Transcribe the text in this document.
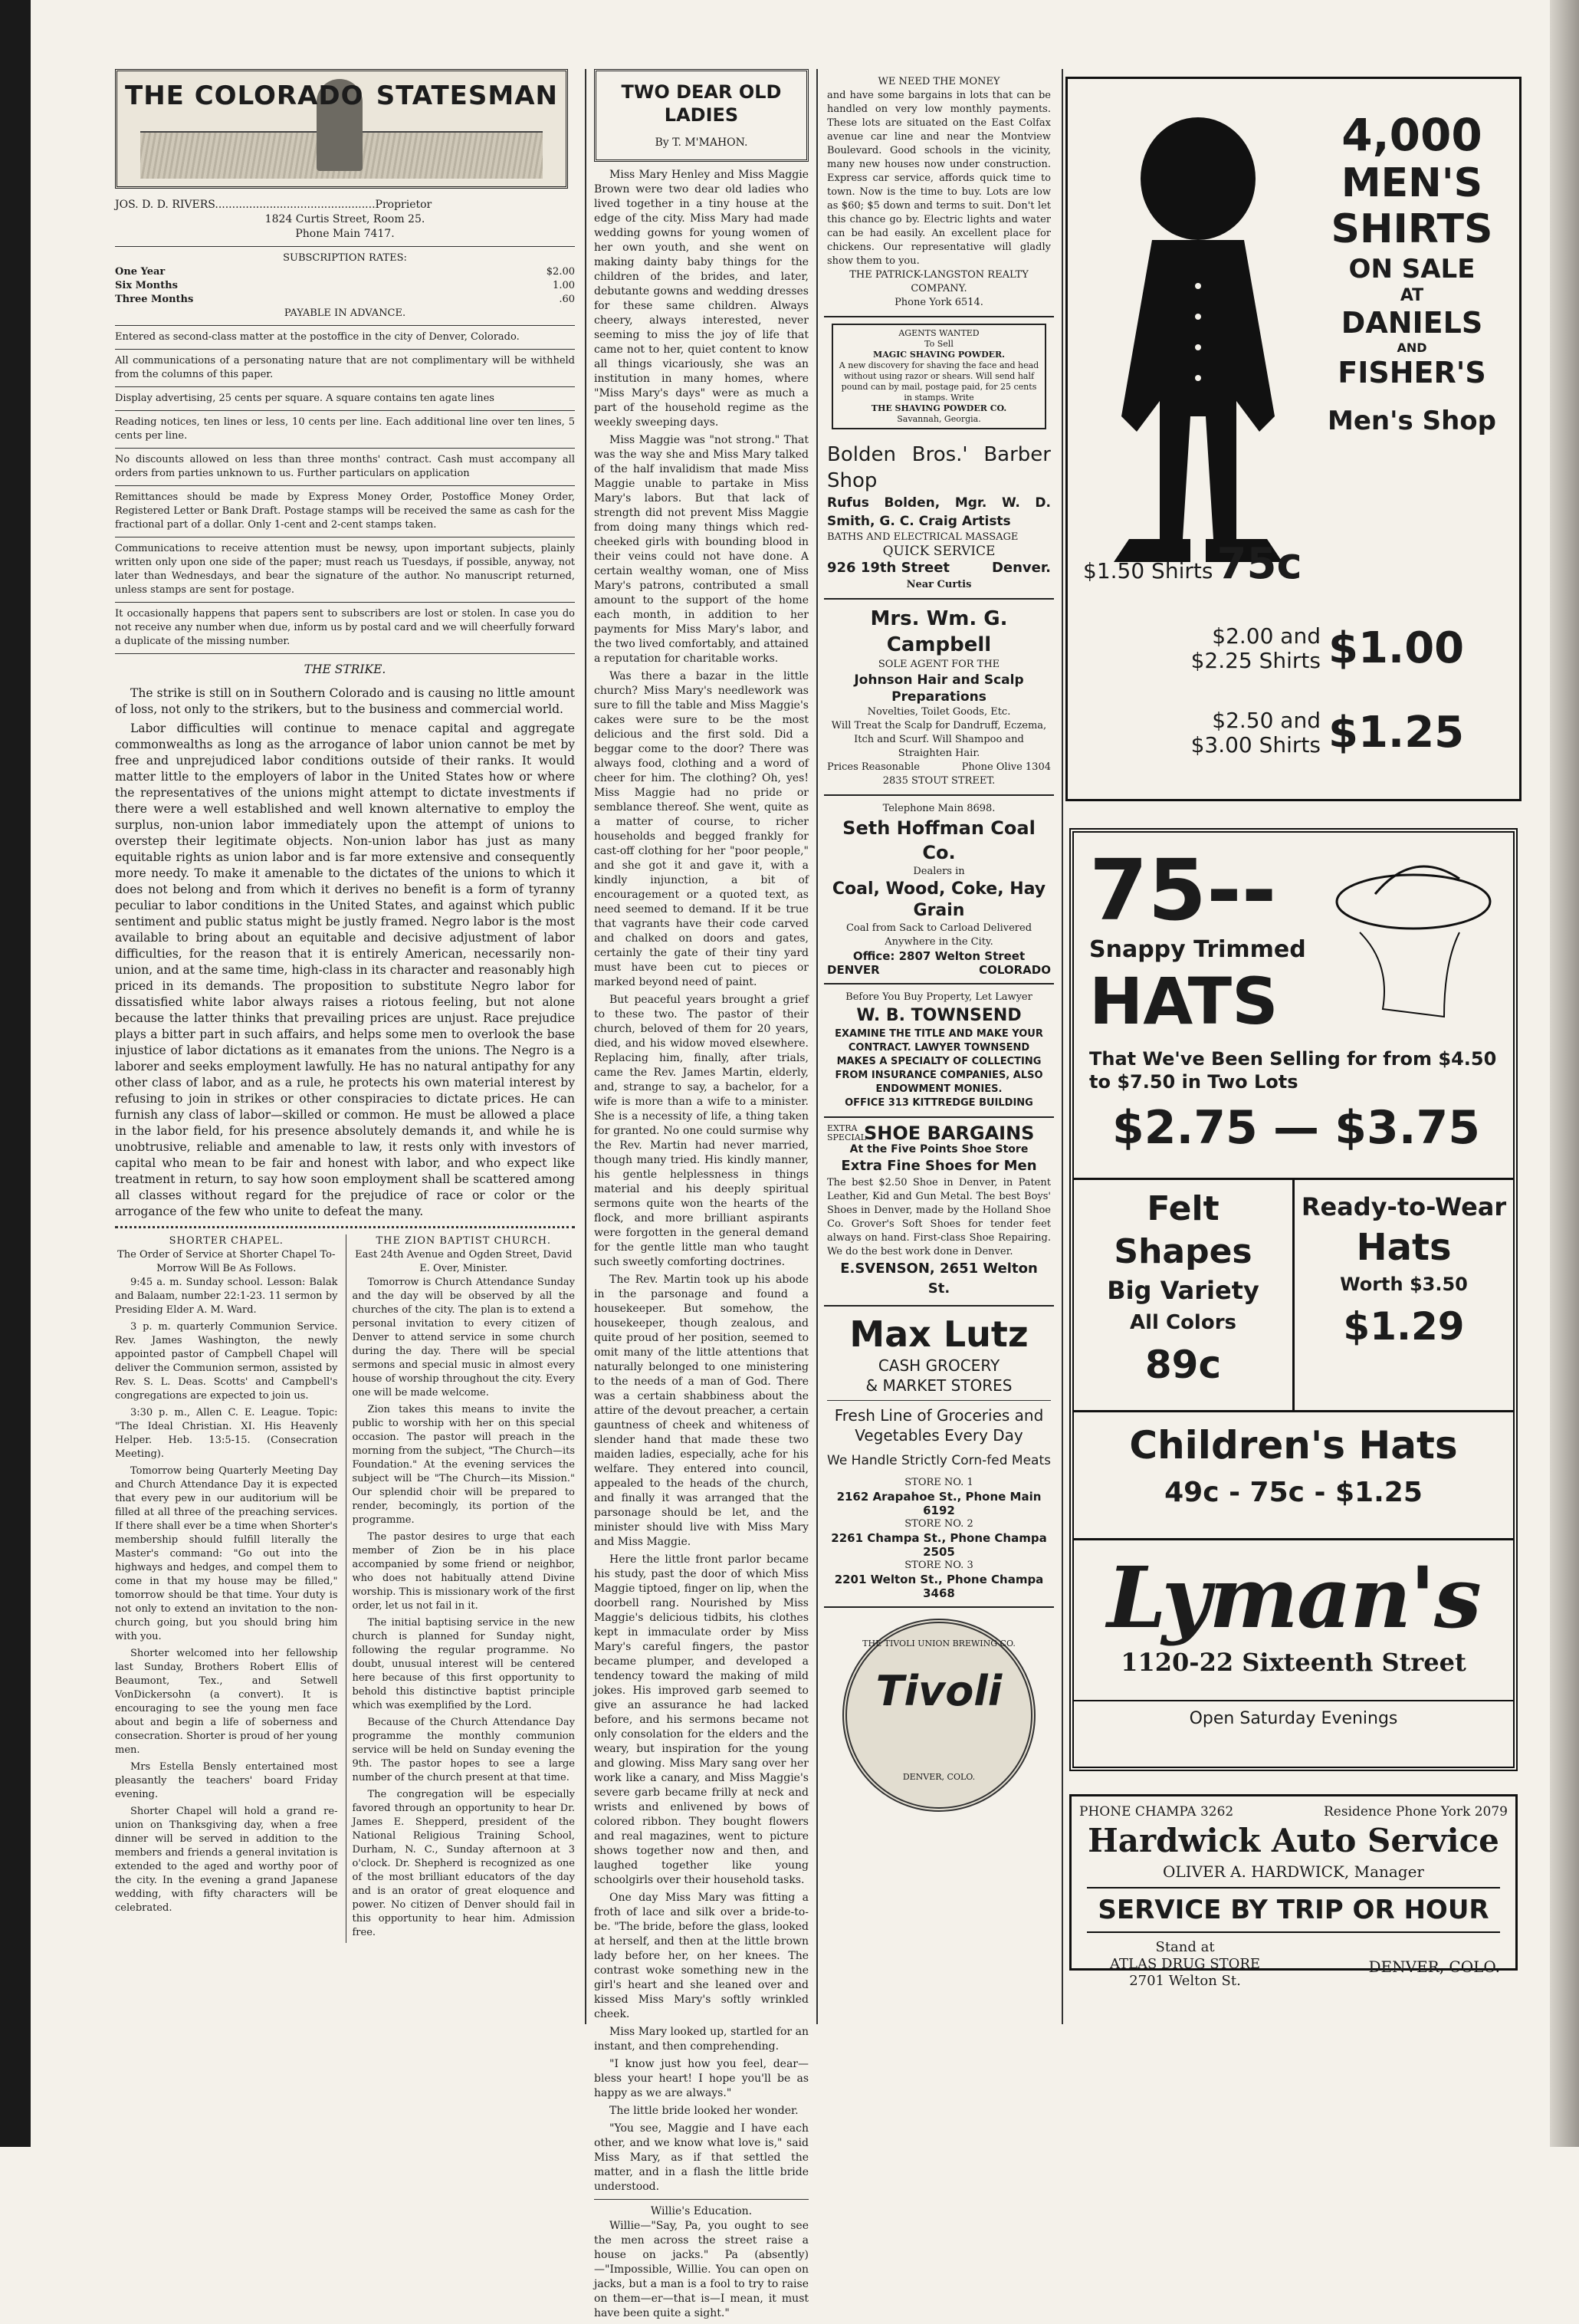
THE COLORADO STATESMAN
JOS. D. D. RIVERS...............................................Proprietor
1824 Curtis Street, Room 25.
Phone Main 7417.
SUBSCRIPTION RATES:
One Year	$2.00
Six Months	1.00
Three Months	.60
PAYABLE IN ADVANCE.
Entered as second-class matter at the postoffice in the city of Denver, Colorado.
All communications of a personating nature that are not complimentary will be withheld from the columns of this paper.
Display advertising, 25 cents per square. A square contains ten agate lines
Reading notices, ten lines or less, 10 cents per line. Each additional line over ten lines, 5 cents per line.
No discounts allowed on less than three months' contract. Cash must accompany all orders from parties unknown to us. Further particulars on application
Remittances should be made by Express Money Order, Postoffice Money Order, Registered Letter or Bank Draft. Postage stamps will be received the same as cash for the fractional part of a dollar. Only 1-cent and 2-cent stamps taken.
Communications to receive attention must be newsy, upon important subjects, plainly written only upon one side of the paper; must reach us Tuesdays, if possible, anyway, not later than Wednesdays, and bear the signature of the author. No manuscript returned, unless stamps are sent for postage.
It occasionally happens that papers sent to subscribers are lost or stolen. In case you do not receive any number when due, inform us by postal card and we will cheerfully forward a duplicate of the missing number.
THE STRIKE.

The strike is still on in Southern Colorado and is causing no little amount of loss, not only to the strikers, but to the business and commercial world.

Labor difficulties will continue to menace capital and aggregate commonwealths as long as the arrogance of labor union cannot be met by free and unprejudiced labor conditions outside of their ranks. It would matter little to the employers of labor in the United States how or where the representatives of the unions might attempt to dictate investments if there were a well established and well known alternative to employ the surplus, non-union labor immediately upon the attempt of unions to overstep their legitimate objects. Non-union labor has just as many equitable rights as union labor and is far more extensive and consequently more needy. To make it amenable to the dictates of the unions to which it does not belong and from which it derives no benefit is a form of tyranny peculiar to labor conditions in the United States, and against which public sentiment and public status might be justly framed. Negro labor is the most available to bring about an equitable and decisive adjustment of labor difficulties, for the reason that it is entirely American, necessarily non-union, and at the same time, high-class in its character and reasonably high priced in its demands. The proposition to substitute Negro labor for dissatisfied white labor always raises a riotous feeling, but not alone because the latter thinks that prevailing prices are unjust. Race prejudice plays a bitter part in such affairs, and helps some men to overlook the base injustice of labor dictations as it emanates from the unions. The Negro is a laborer and seeks employment lawfully. He has no natural antipathy for any other class of labor, and as a rule, he protects his own material interest by refusing to join in strikes or other conspiracies to dictate prices. He can furnish any class of labor—skilled or common. He must be allowed a place in the labor field, for his presence absolutely demands it, and while he is unobtrusive, reliable and amenable to law, it rests only with investors of capital who mean to be fair and honest with labor, and who expect like treatment in return, to say how soon employment shall be scattered among all classes without regard for the prejudice of race or color or the arrogance of the few who unite to defeat the many.

SHORTER CHAPEL.
The Order of Service at Shorter Chapel To-Morrow Will Be As Follows.

9:45 a. m. Sunday school. Lesson: Balak and Balaam, number 22:1-23. 11 sermon by Presiding Elder A. M. Ward.

3 p. m. quarterly Communion Service. Rev. James Washington, the newly appointed pastor of Campbell Chapel will deliver the Communion sermon, assisted by Rev. S. L. Deas. Scotts' and Campbell's congregations are expected to join us.

3:30 p. m., Allen C. E. League. Topic: "The Ideal Christian. XI. His Heavenly Helper. Heb. 13:5-15. (Consecration Meeting).

Tomorrow being Quarterly Meeting Day and Church Attendance Day it is expected that every pew in our auditorium will be filled at all three of the preaching services. If there shall ever be a time when Shorter's membership should fulfill literally the Master's command: "Go out into the highways and hedges, and compel them to come in that my house may be filled," tomorrow should be that time. Your duty is not only to extend an invitation to the non-church going, but you should bring him with you.

Shorter welcomed into her fellowship last Sunday, Brothers Robert Ellis of Beaumont, Tex., and Setwell VonDickersohn (a convert). It is encouraging to see the young men face about and begin a life of soberness and consecration. Shorter is proud of her young men.

Mrs Estella Bensly entertained most pleasantly the teachers' board Friday evening.

Shorter Chapel will hold a grand re-union on Thanksgiving day, when a free dinner will be served in addition to the members and friends a general invitation is extended to the aged and worthy poor of the city. In the evening a grand Japanese wedding, with fifty characters will be celebrated.

THE ZION BAPTIST CHURCH.
East 24th Avenue and Ogden Street, David E. Over, Minister.

Tomorrow is Church Attendance Sunday and the day will be observed by all the churches of the city. The plan is to extend a personal invitation to every citizen of Denver to attend service in some church during the day. There will be special sermons and special music in almost every house of worship throughout the city. Every one will be made welcome.

Zion takes this means to invite the public to worship with her on this special occasion. The pastor will preach in the morning from the subject, "The Church—its Foundation." At the evening services the subject will be "The Church—its Mission." Our splendid choir will be prepared to render, becomingly, its portion of the programme.

The pastor desires to urge that each member of Zion be in his place accompanied by some friend or neighbor, who does not habitually attend Divine worship. This is missionary work of the first order, let us not fail in it.

The initial baptising service in the new church is planned for Sunday night, following the regular programme. No doubt, unusual interest will be centered here because of this first opportunity to behold this distinctive baptist principle which was exemplified by the Lord.

Because of the Church Attendance Day programme the monthly communion service will be held on Sunday evening the 9th. The pastor hopes to see a large number of the church present at that time.

The congregation will be especially favored through an opportunity to hear Dr. James E. Shepperd, president of the National Religious Training School, Durham, N. C., Sunday afternoon at 3 o'clock. Dr. Shepherd is recognized as one of the most brilliant educators of the day and is an orator of great eloquence and power. No citizen of Denver should fail in this opportunity to hear him. Admission free.

TWO DEAR OLD LADIES
By T. M'MAHON.

Miss Mary Henley and Miss Maggie Brown were two dear old ladies who lived together in a tiny house at the edge of the city. Miss Mary had made wedding gowns for young women of her own youth, and she went on making dainty baby things for the children of the brides, and later, debutante gowns and wedding dresses for these same children. Always cheery, always interested, never seeming to miss the joy of life that came not to her, quiet content to know all things vicariously, she was an institution in many homes, where "Miss Mary's days" were as much a part of the household regime as the weekly sweeping days.

Miss Maggie was "not strong." That was the way she and Miss Mary talked of the half invalidism that made Miss Maggie unable to partake in Miss Mary's labors. But that lack of strength did not prevent Miss Maggie from doing many things which red-cheeked girls with bounding blood in their veins could not have done. A certain wealthy woman, one of Miss Mary's patrons, contributed a small amount to the support of the home each month, in addition to her payments for Miss Mary's labor, and the two lived comfortably, and attained a reputation for charitable works.

Was there a bazar in the little church? Miss Mary's needlework was sure to fill the table and Miss Maggie's cakes were sure to be the most delicious and the first sold. Did a beggar come to the door? There was always food, clothing and a word of cheer for him. The clothing? Oh, yes! Miss Maggie had no pride or semblance thereof. She went, quite as a matter of course, to richer households and begged frankly for cast-off clothing for her "poor people," and she got it and gave it, with a kindly injunction, a bit of encouragement or a quoted text, as need seemed to demand. If it be true that vagrants have their code carved and chalked on doors and gates, certainly the gate of their tiny yard must have been cut to pieces or marked beyond need of paint.

But peaceful years brought a grief to these two. The pastor of their church, beloved of them for 20 years, died, and his widow moved elsewhere. Replacing him, finally, after trials, came the Rev. James Martin, elderly, and, strange to say, a bachelor, for a wife is more than a wife to a minister. She is a necessity of life, a thing taken for granted. No one could surmise why the Rev. Martin had never married, though many tried. His kindly manner, his gentle helplessness in things material and his deeply spiritual sermons quite won the hearts of the flock, and more brilliant aspirants were forgotten in the general demand for the gentle little man who taught such sweetly comforting doctrines.

The Rev. Martin took up his abode in the parsonage and found a housekeeper. But somehow, the housekeeper, though zealous, and quite proud of her position, seemed to omit many of the little attentions that naturally belonged to one ministering to the needs of a man of God. There was a certain shabbiness about the attire of the devout preacher, a certain gauntness of cheek and whiteness of slender hand that made these two maiden ladies, especially, ache for his welfare. They entered into council, appealed to the heads of the church, and finally it was arranged that the parsonage should be let, and the minister should live with Miss Mary and Miss Maggie.

Here the little front parlor became his study, past the door of which Miss Maggie tiptoed, finger on lip, when the doorbell rang. Nourished by Miss Maggie's delicious tidbits, his clothes kept in immaculate order by Miss Mary's careful fingers, the pastor became plumper, and developed a tendency toward the making of mild jokes. His improved garb seemed to give an assurance he had lacked before, and his sermons became not only consolation for the elders and the weary, but inspiration for the young and glowing. Miss Mary sang over her work like a canary, and Miss Maggie's severe garb became frilly at neck and wrists and enlivened by bows of colored ribbon. They bought flowers and real magazines, went to picture shows together now and then, and laughed together like young schoolgirls over their household tasks.

One day Miss Mary was fitting a froth of lace and silk over a bride-to-be. "The bride, before the glass, looked at herself, and then at the little brown lady before her, on her knees. The contrast woke something new in the girl's heart and she leaned over and kissed Miss Mary's softly wrinkled cheek.

Miss Mary looked up, startled for an instant, and then comprehending.

"I know just how you feel, dear—bless your heart! I hope you'll be as happy as we are always."

The little bride looked her wonder.

"You see, Maggie and I have each other, and we know what love is," said Miss Mary, as if that settled the matter, and in a flash the little bride understood.

Willie's Education.

Willie—"Say, Pa, you ought to see the men across the street raise a house on jacks." Pa (absently)—"Impossible, Willie. You can open on jacks, but a man is a fool to try to raise on them—er—that is—I mean, it must have been quite a sight."

WE NEED THE MONEY
and have some bargains in lots that can be handled on very low monthly payments. These lots are situated on the East Colfax avenue car line and near the Montview Boulevard. Good schools in the vicinity, many new houses now under construction. Express car service, affords quick time to town. Now is the time to buy. Lots are low as $60; $5 down and terms to suit. Don't let this chance go by. Electric lights and water can be had easily. An excellent place for chickens. Our representative will gladly show them to you.
THE PATRICK-LANGSTON REALTY COMPANY.
Phone York 6514.
AGENTS WANTED
To Sell
MAGIC SHAVING POWDER.
A new discovery for shaving the face and head without using razor or shears. Will send half pound can by mail, postage paid, for 25 cents in stamps. Write
THE SHAVING POWDER CO.
Savannah, Georgia.
Bolden Bros.' Barber Shop
Rufus Bolden, Mgr. W. D. Smith, G. C. Craig Artists
BATHS AND ELECTRICAL MASSAGE
QUICK SERVICE
926 19th Street	Denver.
Near Curtis
Mrs. Wm. G. Campbell
SOLE AGENT FOR THE
Johnson Hair and Scalp Preparations
Novelties, Toilet Goods, Etc.
Will Treat the Scalp for Dandruff, Eczema, Itch and Scurf. Will Shampoo and Straighten Hair.
Prices Reasonable	Phone Olive 1304
2835 STOUT STREET.
Telephone Main 8698.
Seth Hoffman Coal Co.
Dealers in
Coal, Wood, Coke, Hay Grain
Coal from Sack to Carload Delivered Anywhere in the City.
Office: 2807 Welton Street
DENVER	COLORADO
Before You Buy Property, Let Lawyer
W. B. TOWNSEND
EXAMINE THE TITLE AND MAKE YOUR CONTRACT. LAWYER TOWNSEND MAKES A SPECIALTY OF COLLECTING FROM INSURANCE COMPANIES, ALSO ENDOWMENT MONIES.
OFFICE 313 KITTREDGE BUILDING
EXTRA SPECIAL
SHOE BARGAINS
At the Five Points Shoe Store
Extra Fine Shoes for Men
The best $2.50 Shoe in Denver, in Patent Leather, Kid and Gun Metal. The best Boys' Shoes in Denver, made by the Holland Shoe Co. Grover's Soft Shoes for tender feet always on hand. First-class Shoe Repairing. We do the best work done in Denver.
E.SVENSON, 2651 Welton St.
Max Lutz
CASH GROCERY
& MARKET STORES
Fresh Line of Groceries and Vegetables Every Day
We Handle Strictly Corn-fed Meats
STORE NO. 1
2162 Arapahoe St., Phone Main 6192
STORE NO. 2
2261 Champa St., Phone Champa 2505
STORE NO. 3
2201 Welton St., Phone Champa 3468
THE TIVOLI UNION BREWING CO.
Tivoli
DENVER, COLO.
4,000
MEN'S
SHIRTS
ON SALE
AT
DANIELS
AND
FISHER'S
Men's Shop
$1.50 Shirts 75c
$2.00 and $2.25 Shirts $1.00
$2.50 and $3.00 Shirts $1.25
75--
Snappy Trimmed
HATS
That We've Been Selling for from $4.50 to $7.50 in Two Lots
$2.75 — $3.75
Felt Shapes
Big Variety
All Colors
89c
Ready-to-Wear
Hats
Worth $3.50
$1.29
Children's Hats
49c - 75c - $1.25
Lyman's
1120-22 Sixteenth Street
Open Saturday Evenings
PHONE CHAMPA 3262	Residence Phone York 2079
Hardwick Auto Service
OLIVER A. HARDWICK, Manager
SERVICE BY TRIP OR HOUR
Stand at
ATLAS DRUG STORE
2701 Welton St.
DENVER, COLO.
